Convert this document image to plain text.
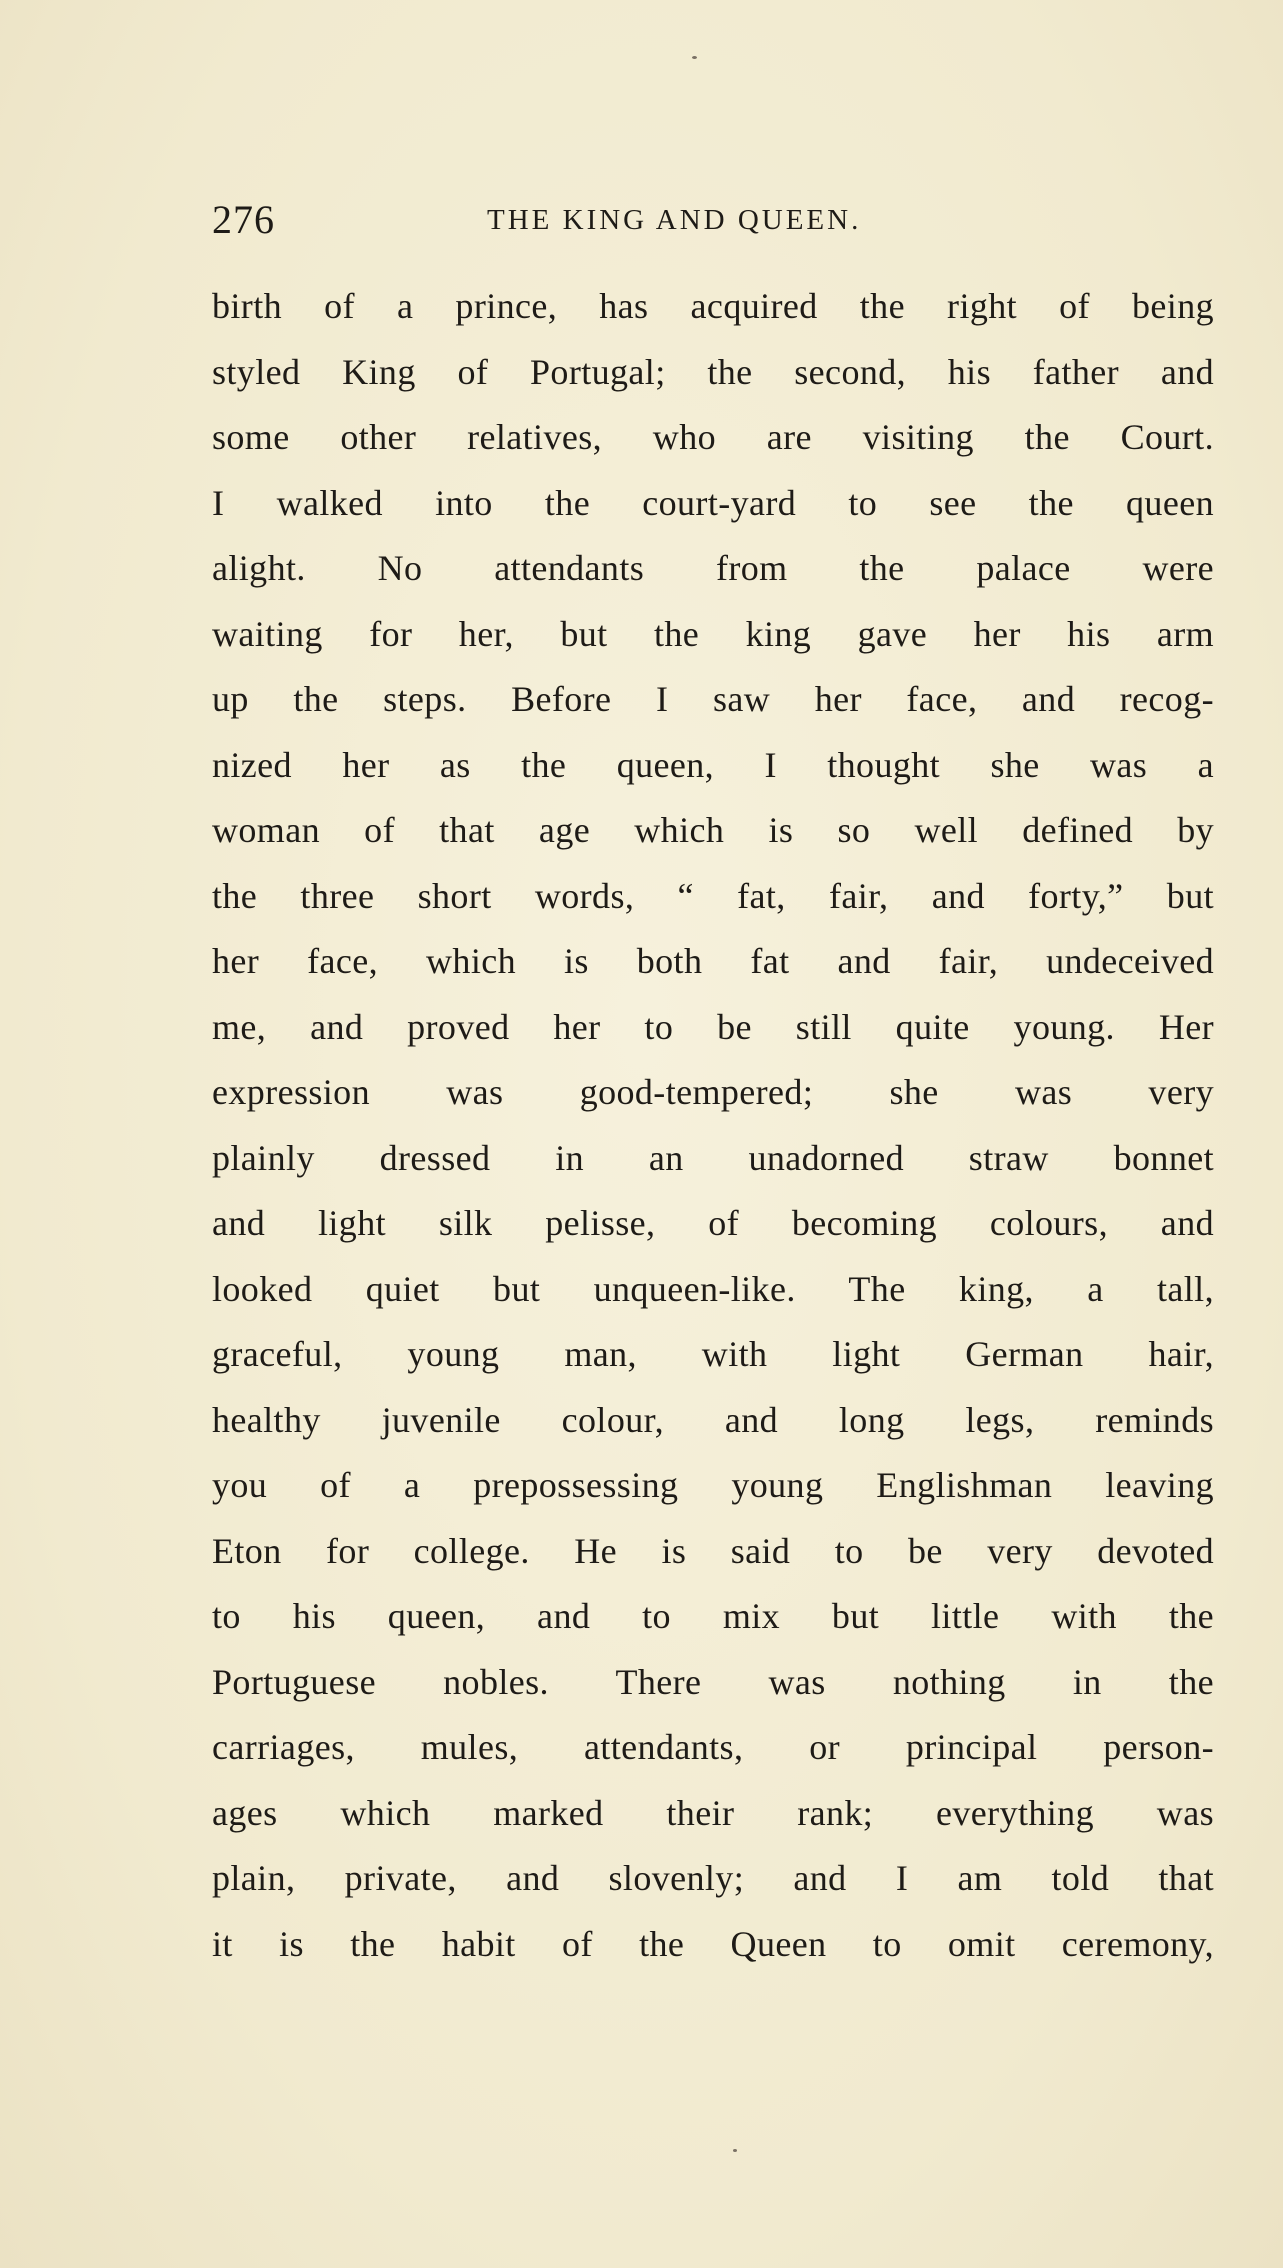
276	THE KING AND QUEEN.
birth of a prince, has acquired the right of being
styled King of Portugal; the second, his father and
some other relatives, who are visiting the Court.
I walked into the court-yard to see the queen
alight. No attendants from the palace were
waiting for her, but the king gave her his arm
up the steps. Before I saw her face, and recog-
nized her as the queen, I thought she was a
woman of that age which is so well defined by
the three short words, “ fat, fair, and forty,” but
her face, which is both fat and fair, undeceived
me, and proved her to be still quite young. Her
expression was good-tempered; she was very
plainly dressed in an unadorned straw bonnet
and light silk pelisse, of becoming colours, and
looked quiet but unqueen-like. The king, a tall,
graceful, young man, with light German hair,
healthy juvenile colour, and long legs, reminds
you of a prepossessing young Englishman leaving
Eton for college. He is said to be very devoted
to his queen, and to mix but little with the
Portuguese nobles. There was nothing in the
carriages, mules, attendants, or principal person-
ages which marked their rank; everything was
plain, private, and slovenly; and I am told that
it is the habit of the Queen to omit ceremony,
